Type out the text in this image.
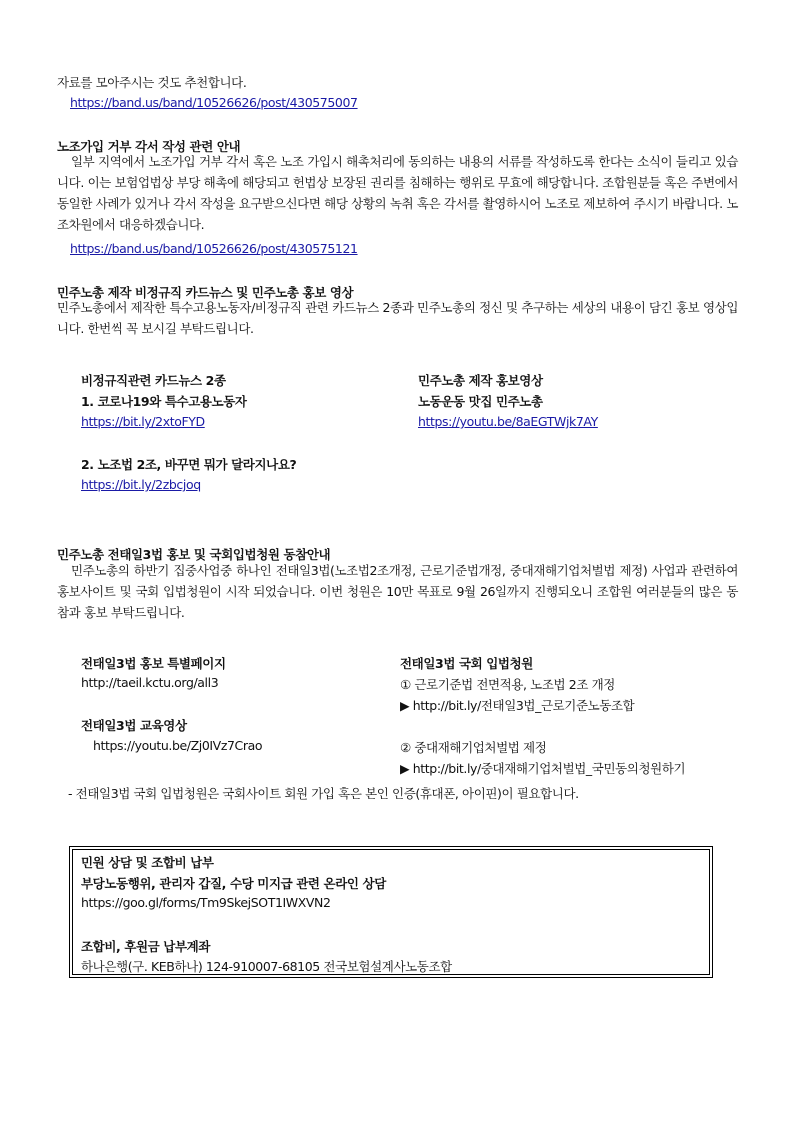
자료를 모아주시는 것도 추천합니다.
https://band.us/band/10526626/post/430575007
노조가입 거부 각서 작성 관련 안내
일부 지역에서 노조가입 거부 각서 혹은 노조 가입시 해촉처리에 동의하는 내용의 서류를 작성하도록 한다는 소식이 들리고 있습니다. 이는 보험업법상 부당 해촉에 해당되고 헌법상 보장된 권리를 침해하는 행위로 무효에 해당합니다. 조합원분들 혹은 주변에서 동일한 사례가 있거나 각서 작성을 요구받으신다면 해당 상황의 녹취 혹은 각서를 촬영하시어 노조로 제보하여 주시기 바랍니다. 노조차원에서 대응하겠습니다.
https://band.us/band/10526626/post/430575121
민주노총 제작 비정규직 카드뉴스 및 민주노총 홍보 영상
민주노총에서 제작한 특수고용노동자/비정규직 관련 카드뉴스 2종과 민주노총의 정신 및 추구하는 세상의 내용이 담긴 홍보 영상입니다. 한번씩 꼭 보시길 부탁드립니다.
비정규직관련 카드뉴스 2종
1. 코로나19와 특수고용노동자
https://bit.ly/2xtoFYD
2. 노조법 2조, 바꾸면 뭐가 달라지나요?
https://bit.ly/2zbcjoq
민주노총 제작 홍보영상
노동운동 맛집 민주노총
https://youtu.be/8aEGTWjk7AY
민주노총 전태일3법 홍보 및 국회입법청원 동참안내
민주노총의 하반기 집중사업중 하나인 전태일3법(노조법2조개정, 근로기준법개정, 중대재해기업처벌법 제정) 사업과 관련하여 홍보사이트 및 국회 입법청원이 시작 되었습니다. 이번 청원은 10만 목표로 9월 26일까지 진행되오니 조합원 여러분들의 많은 동참과 홍보 부탁드립니다.
전태일3법 홍보 특별페이지
http://taeil.kctu.org/all3
전태일3법 교육영상
https://youtu.be/Zj0IVz7Crao
전태일3법 국회 입법청원
① 근로기준법 전면적용, 노조법 2조 개정
▶ http://bit.ly/전태일3법_근로기준노동조합
② 중대재해기업처벌법 제정
▶ http://bit.ly/중대재해기업처벌법_국민동의청원하기
- 전태일3법 국회 입법청원은 국회사이트 회원 가입 혹은 본인 인증(휴대폰, 아이핀)이 필요합니다.
민원 상담 및 조합비 납부
부당노동행위, 관리자 갑질, 수당 미지급 관련 온라인 상담
https://goo.gl/forms/Tm9SkejSOT1IWXVN2
조합비, 후원금 납부계좌
하나은행(구. KEB하나) 124-910007-68105 전국보험설계사노동조합
